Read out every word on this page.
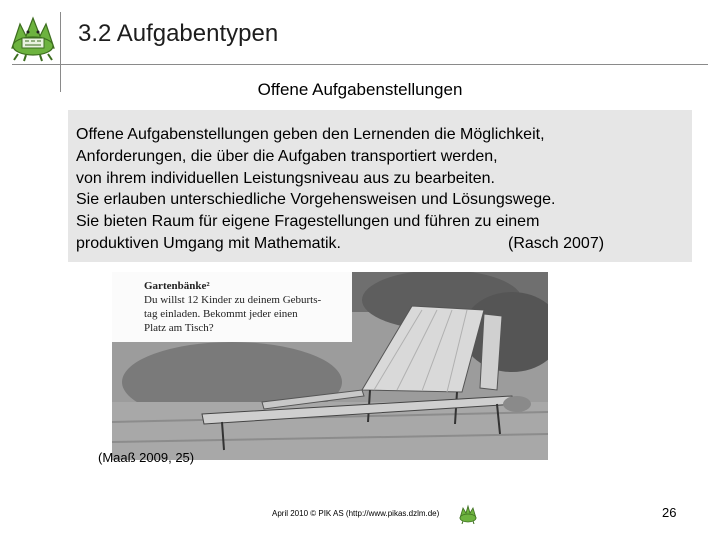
3.2 Aufgabentypen
Offene Aufgabenstellungen
Offene Aufgabenstellungen geben den Lernenden die Möglichkeit,
Anforderungen, die über die Aufgaben transportiert werden,
von ihrem individuellen Leistungsniveau aus zu bearbeiten.
Sie erlauben unterschiedliche Vorgehensweisen und Lösungswege.
Sie bieten Raum für eigene Fragestellungen und führen zu einem
produktiven Umgang mit Mathematik.	(Rasch 2007)
Gartenbänke²
Du willst 12 Kinder zu deinem Geburts-
tag einladen. Bekommt jeder einen
Platz am Tisch?
(Maaß 2009, 25)
April 2010 © PIK AS (http://www.pikas.dzlm.de)	26
